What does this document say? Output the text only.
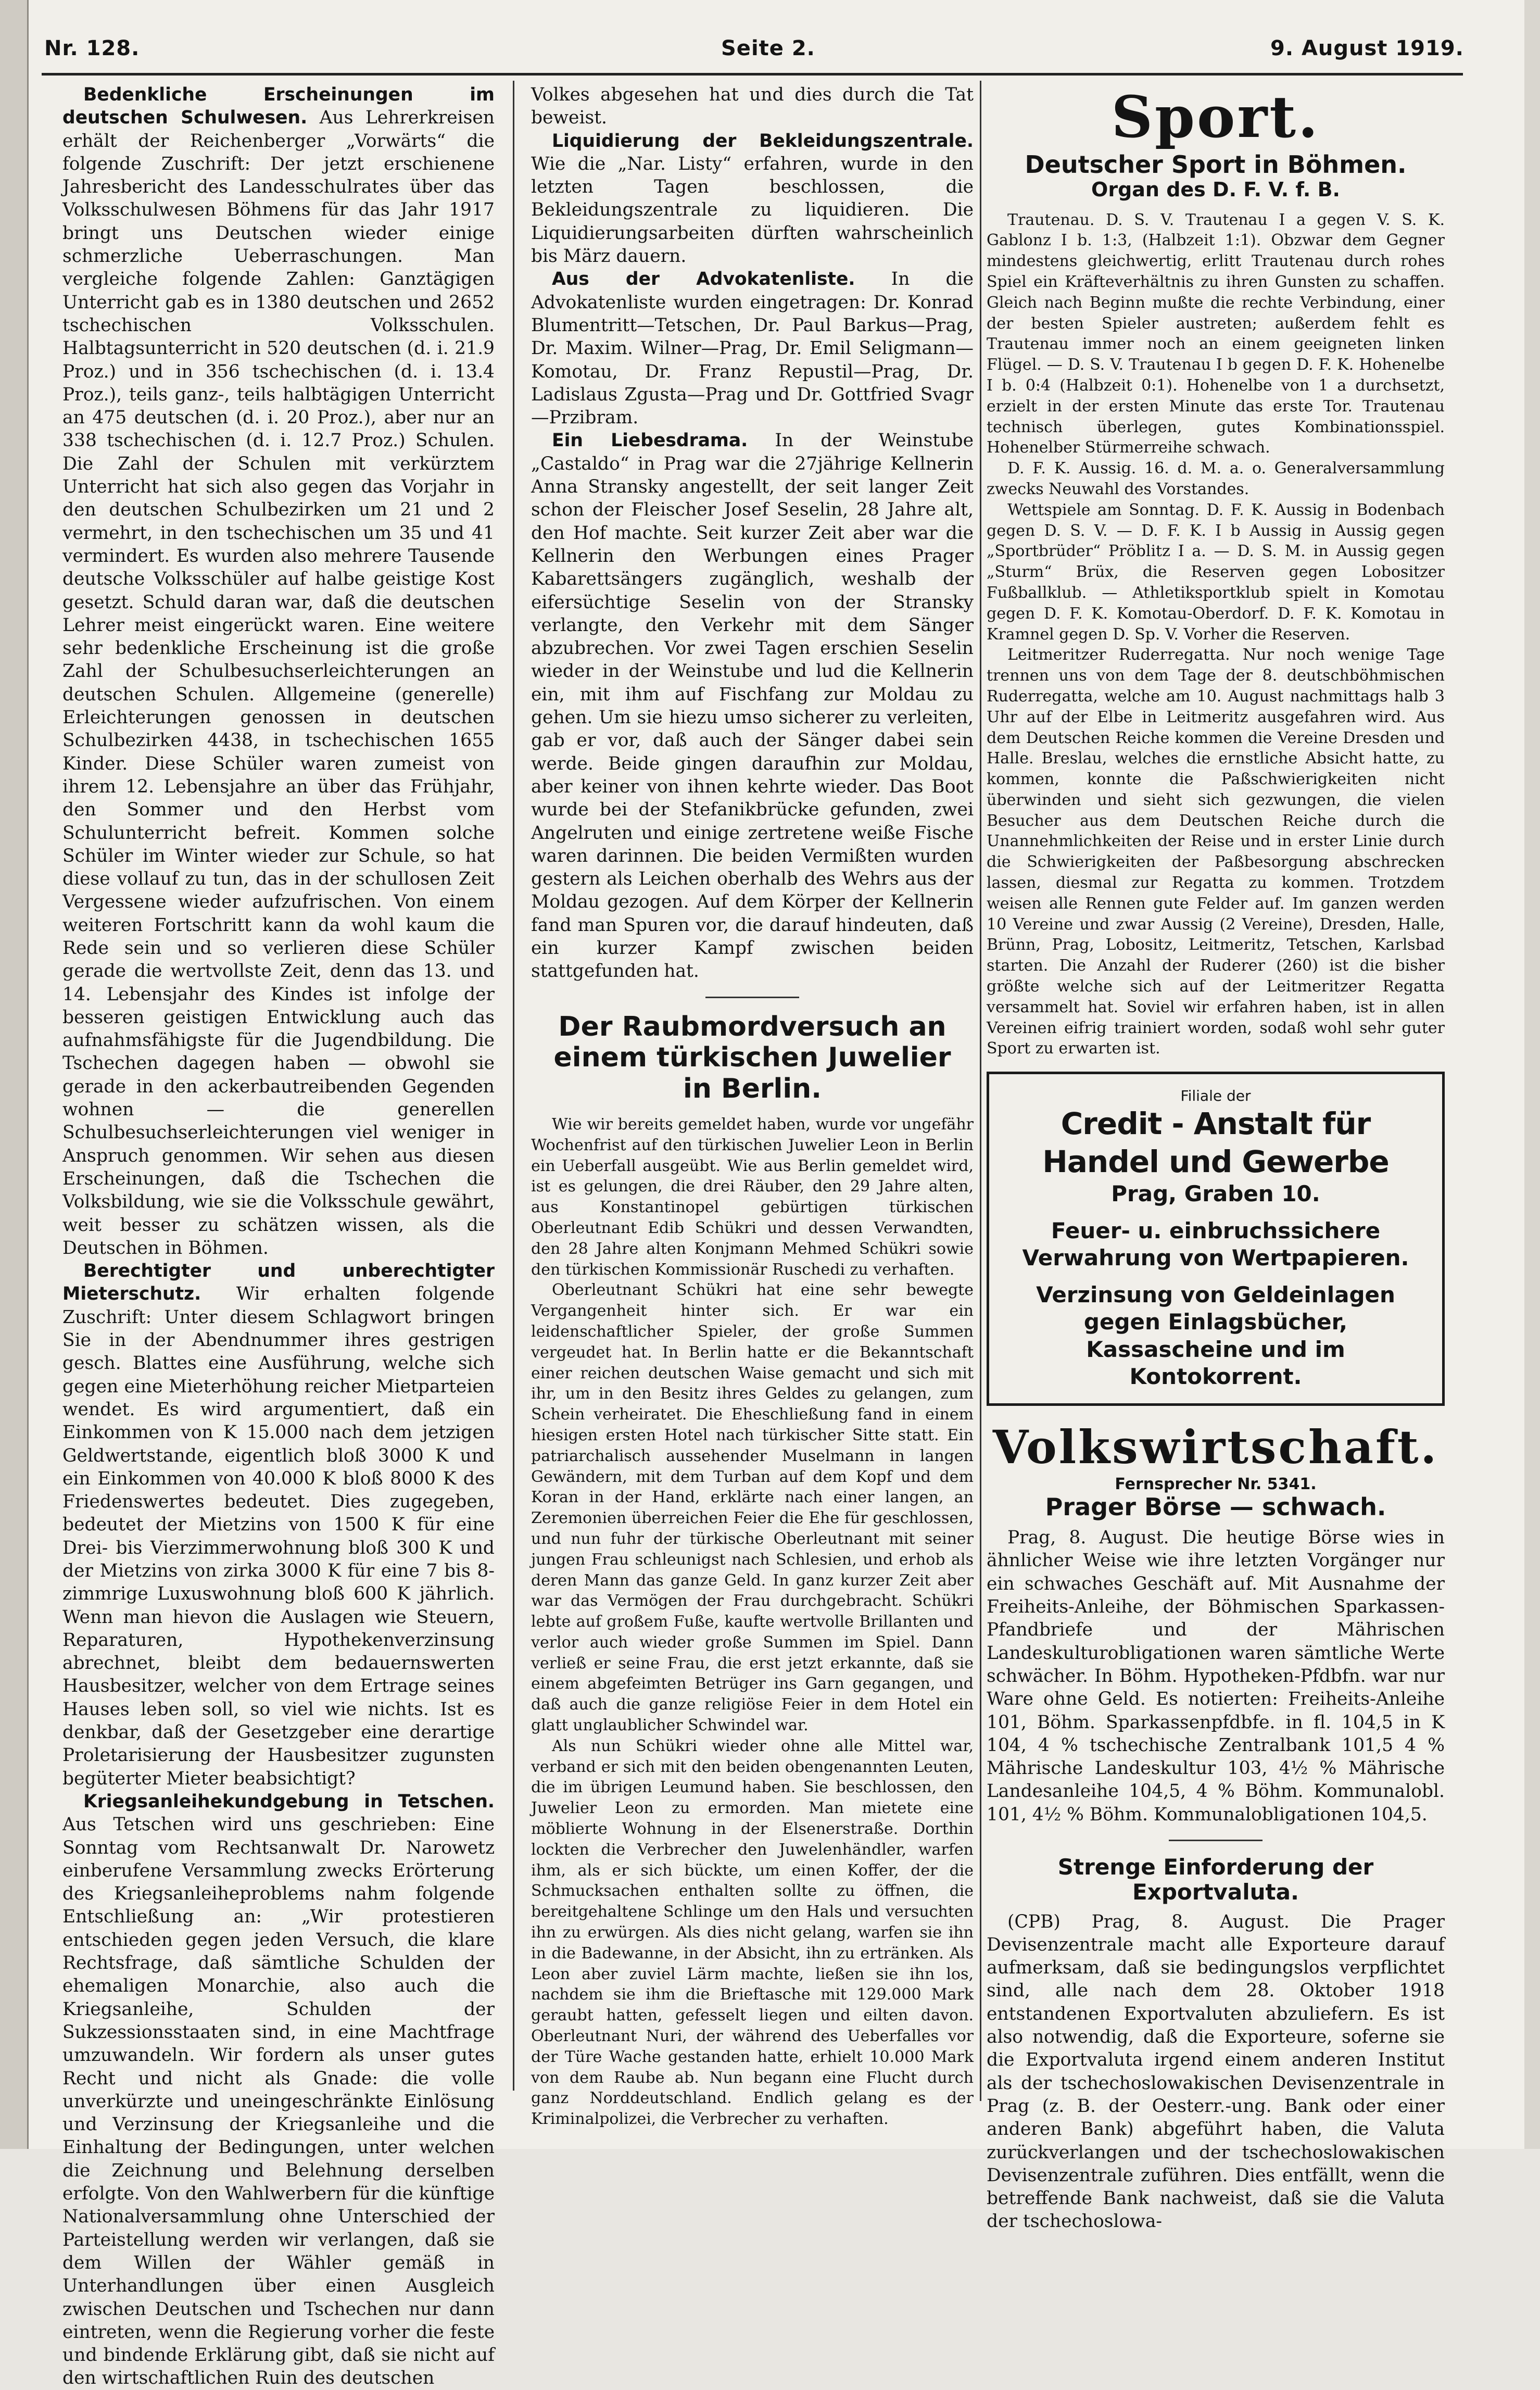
Nr. 128.	Seite 2.	9. August 1919.

Bedenkliche Erscheinungen im deutschen Schulwesen. Aus Lehrerkreisen erhält der Reichenberger „Vorwärts“ die folgende Zuschrift: Der jetzt erschienene Jahresbericht des Landesschulrates über das Volksschulwesen Böhmens für das Jahr 1917 bringt uns Deutschen wieder einige schmerzliche Ueberraschungen. Man vergleiche folgende Zahlen: Ganztägigen Unterricht gab es in 1380 deutschen und 2652 tschechischen Volksschulen. Halbtagsunterricht in 520 deutschen (d. i. 21.9 Proz.) und in 356 tschechischen (d. i. 13.4 Proz.), teils ganz-, teils halbtägigen Unterricht an 475 deutschen (d. i. 20 Proz.), aber nur an 338 tschechischen (d. i. 12.7 Proz.) Schulen. Die Zahl der Schulen mit verkürztem Unterricht hat sich also gegen das Vorjahr in den deutschen Schulbezirken um 21 und 2 vermehrt, in den tschechischen um 35 und 41 vermindert. Es wurden also mehrere Tausende deutsche Volksschüler auf halbe geistige Kost gesetzt. Schuld daran war, daß die deutschen Lehrer meist eingerückt waren. Eine weitere sehr bedenkliche Erscheinung ist die große Zahl der Schulbesuchserleichterungen an deutschen Schulen. Allgemeine (generelle) Erleichterungen genossen in deutschen Schulbezirken 4438, in tschechischen 1655 Kinder. Diese Schüler waren zumeist von ihrem 12. Lebensjahre an über das Frühjahr, den Sommer und den Herbst vom Schulunterricht befreit. Kommen solche Schüler im Winter wieder zur Schule, so hat diese vollauf zu tun, das in der schullosen Zeit Vergessene wieder aufzufrischen. Von einem weiteren Fortschritt kann da wohl kaum die Rede sein und so verlieren diese Schüler gerade die wertvollste Zeit, denn das 13. und 14. Lebensjahr des Kindes ist infolge der besseren geistigen Entwicklung auch das aufnahmsfähigste für die Jugendbildung. Die Tschechen dagegen haben — obwohl sie gerade in den ackerbautreibenden Gegenden wohnen — die generellen Schulbesuchserleichterungen viel weniger in Anspruch genommen. Wir sehen aus diesen Erscheinungen, daß die Tschechen die Volksbildung, wie sie die Volksschule gewährt, weit besser zu schätzen wissen, als die Deutschen in Böhmen.

Berechtigter und unberechtigter Mieterschutz. Wir erhalten folgende Zuschrift: Unter diesem Schlagwort bringen Sie in der Abendnummer ihres gestrigen gesch. Blattes eine Ausführung, welche sich gegen eine Mieterhöhung reicher Mietparteien wendet. Es wird argumentiert, daß ein Einkommen von K 15.000 nach dem jetzigen Geldwertstande, eigentlich bloß 3000 K und ein Einkommen von 40.000 K bloß 8000 K des Friedenswertes bedeutet. Dies zugegeben, bedeutet der Mietzins von 1500 K für eine Drei- bis Vierzimmerwohnung bloß 300 K und der Mietzins von zirka 3000 K für eine 7 bis 8-zimmrige Luxuswohnung bloß 600 K jährlich. Wenn man hievon die Auslagen wie Steuern, Reparaturen, Hypothekenverzinsung abrechnet, bleibt dem bedauernswerten Hausbesitzer, welcher von dem Ertrage seines Hauses leben soll, so viel wie nichts. Ist es denkbar, daß der Gesetzgeber eine derartige Proletarisierung der Hausbesitzer zugunsten begüterter Mieter beabsichtigt?

Kriegsanleihekundgebung in Tetschen. Aus Tetschen wird uns geschrieben: Eine Sonntag vom Rechtsanwalt Dr. Narowetz einberufene Versammlung zwecks Erörterung des Kriegsanleiheproblems nahm folgende Entschließung an: „Wir protestieren entschieden gegen jeden Versuch, die klare Rechtsfrage, daß sämtliche Schulden der ehemaligen Monarchie, also auch die Kriegsanleihe, Schulden der Sukzessionsstaaten sind, in eine Machtfrage umzuwandeln. Wir fordern als unser gutes Recht und nicht als Gnade: die volle unverkürzte und uneingeschränkte Einlösung und Verzinsung der Kriegsanleihe und die Einhaltung der Bedingungen, unter welchen die Zeichnung und Belehnung derselben erfolgte. Von den Wahlwerbern für die künftige Nationalversammlung ohne Unterschied der Parteistellung werden wir verlangen, daß sie dem Willen der Wähler gemäß in Unterhandlungen über einen Ausgleich zwischen Deutschen und Tschechen nur dann eintreten, wenn die Regierung vorher die feste und bindende Erklärung gibt, daß sie nicht auf den wirtschaftlichen Ruin des deutschen

Volkes abgesehen hat und dies durch die Tat beweist.

Liquidierung der Bekleidungszentrale. Wie die „Nar. Listy“ erfahren, wurde in den letzten Tagen beschlossen, die Bekleidungszentrale zu liquidieren. Die Liquidierungsarbeiten dürften wahrscheinlich bis März dauern.

Aus der Advokatenliste. In die Advokatenliste wurden eingetragen: Dr. Konrad Blumentritt—Tetschen, Dr. Paul Barkus—Prag, Dr. Maxim. Wilner—Prag, Dr. Emil Seligmann—Komotau, Dr. Franz Repustil—Prag, Dr. Ladislaus Zgusta—Prag und Dr. Gottfried Svagr—Przibram.

Ein Liebesdrama. In der Weinstube „Castaldo“ in Prag war die 27jährige Kellnerin Anna Stransky angestellt, der seit langer Zeit schon der Fleischer Josef Seselin, 28 Jahre alt, den Hof machte. Seit kurzer Zeit aber war die Kellnerin den Werbungen eines Prager Kabarettsängers zugänglich, weshalb der eifersüchtige Seselin von der Stransky verlangte, den Verkehr mit dem Sänger abzubrechen. Vor zwei Tagen erschien Seselin wieder in der Weinstube und lud die Kellnerin ein, mit ihm auf Fischfang zur Moldau zu gehen. Um sie hiezu umso sicherer zu verleiten, gab er vor, daß auch der Sänger dabei sein werde. Beide gingen daraufhin zur Moldau, aber keiner von ihnen kehrte wieder. Das Boot wurde bei der Stefanikbrücke gefunden, zwei Angelruten und einige zertretene weiße Fische waren darinnen. Die beiden Vermißten wurden gestern als Leichen oberhalb des Wehrs aus der Moldau gezogen. Auf dem Körper der Kellnerin fand man Spuren vor, die darauf hindeuten, daß ein kurzer Kampf zwischen beiden stattgefunden hat.

Der Raubmordversuch an einem türkischen Juwelier in Berlin.

Wie wir bereits gemeldet haben, wurde vor ungefähr Wochenfrist auf den türkischen Juwelier Leon in Berlin ein Ueberfall ausgeübt. Wie aus Berlin gemeldet wird, ist es gelungen, die drei Räuber, den 29 Jahre alten, aus Konstantinopel gebürtigen türkischen Oberleutnant Edib Schükri und dessen Verwandten, den 28 Jahre alten Konjmann Mehmed Schükri sowie den türkischen Kommissionär Ruschedi zu verhaften.

Oberleutnant Schükri hat eine sehr bewegte Vergangenheit hinter sich. Er war ein leidenschaftlicher Spieler, der große Summen vergeudet hat. In Berlin hatte er die Bekanntschaft einer reichen deutschen Waise gemacht und sich mit ihr, um in den Besitz ihres Geldes zu gelangen, zum Schein verheiratet. Die Eheschließung fand in einem hiesigen ersten Hotel nach türkischer Sitte statt. Ein patriarchalisch aussehender Muselmann in langen Gewändern, mit dem Turban auf dem Kopf und dem Koran in der Hand, erklärte nach einer langen, an Zeremonien überreichen Feier die Ehe für geschlossen, und nun fuhr der türkische Oberleutnant mit seiner jungen Frau schleunigst nach Schlesien, und erhob als deren Mann das ganze Geld. In ganz kurzer Zeit aber war das Vermögen der Frau durchgebracht. Schükri lebte auf großem Fuße, kaufte wertvolle Brillanten und verlor auch wieder große Summen im Spiel. Dann verließ er seine Frau, die erst jetzt erkannte, daß sie einem abgefeimten Betrüger ins Garn gegangen, und daß auch die ganze religiöse Feier in dem Hotel ein glatt unglaublicher Schwindel war.

Als nun Schükri wieder ohne alle Mittel war, verband er sich mit den beiden obengenannten Leuten, die im übrigen Leumund haben. Sie beschlossen, den Juwelier Leon zu ermorden. Man mietete eine möblierte Wohnung in der Elsenerstraße. Dorthin lockten die Verbrecher den Juwelenhändler, warfen ihm, als er sich bückte, um einen Koffer, der die Schmucksachen enthalten sollte zu öffnen, die bereitgehaltene Schlinge um den Hals und versuchten ihn zu erwürgen. Als dies nicht gelang, warfen sie ihn in die Badewanne, in der Absicht, ihn zu ertränken. Als Leon aber zuviel Lärm machte, ließen sie ihn los, nachdem sie ihm die Brieftasche mit 129.000 Mark geraubt hatten, gefesselt liegen und eilten davon. Oberleutnant Nuri, der während des Ueberfalles vor der Türe Wache gestanden hatte, erhielt 10.000 Mark von dem Raube ab. Nun begann eine Flucht durch ganz Norddeutschland. Endlich gelang es der Kriminalpolizei, die Verbrecher zu verhaften.

Sport.
Deutscher Sport in Böhmen.
Organ des D. F. V. f. B.

Trautenau. D. S. V. Trautenau I a gegen V. S. K. Gablonz I b. 1:3, (Halbzeit 1:1). Obzwar dem Gegner mindestens gleichwertig, erlitt Trautenau durch rohes Spiel ein Kräfteverhältnis zu ihren Gunsten zu schaffen. Gleich nach Beginn mußte die rechte Verbindung, einer der besten Spieler austreten; außerdem fehlt es Trautenau immer noch an einem geeigneten linken Flügel. — D. S. V. Trautenau I b gegen D. F. K. Hohenelbe I b. 0:4 (Halbzeit 0:1). Hohenelbe von 1 a durchsetzt, erzielt in der ersten Minute das erste Tor. Trautenau technisch überlegen, gutes Kombinationsspiel. Hohenelber Stürmerreihe schwach.

D. F. K. Aussig. 16. d. M. a. o. Generalversammlung zwecks Neuwahl des Vorstandes.

Wettspiele am Sonntag. D. F. K. Aussig in Bodenbach gegen D. S. V. — D. F. K. I b Aussig in Aussig gegen „Sportbrüder“ Pröblitz I a. — D. S. M. in Aussig gegen „Sturm“ Brüx, die Reserven gegen Lobositzer Fußballklub. — Athletiksportklub spielt in Komotau gegen D. F. K. Komotau-Oberdorf. D. F. K. Komotau in Kramnel gegen D. Sp. V. Vorher die Reserven.

Leitmeritzer Ruderregatta. Nur noch wenige Tage trennen uns von dem Tage der 8. deutschböhmischen Ruderregatta, welche am 10. August nachmittags halb 3 Uhr auf der Elbe in Leitmeritz ausgefahren wird. Aus dem Deutschen Reiche kommen die Vereine Dresden und Halle. Breslau, welches die ernstliche Absicht hatte, zu kommen, konnte die Paßschwierigkeiten nicht überwinden und sieht sich gezwungen, die vielen Besucher aus dem Deutschen Reiche durch die Unannehmlichkeiten der Reise und in erster Linie durch die Schwierigkeiten der Paßbesorgung abschrecken lassen, diesmal zur Regatta zu kommen. Trotzdem weisen alle Rennen gute Felder auf. Im ganzen werden 10 Vereine und zwar Aussig (2 Vereine), Dresden, Halle, Brünn, Prag, Lobositz, Leitmeritz, Tetschen, Karlsbad starten. Die Anzahl der Ruderer (260) ist die bisher größte welche sich auf der Leitmeritzer Regatta versammelt hat. Soviel wir erfahren haben, ist in allen Vereinen eifrig trainiert worden, sodaß wohl sehr guter Sport zu erwarten ist.

Filiale der
Credit - Anstalt für Handel und Gewerbe
Prag, Graben 10.
Feuer- u. einbruchssichere Verwahrung von Wertpapieren.
Verzinsung von Geldeinlagen gegen Einlagsbücher, Kassascheine und im Kontokorrent.
Volkswirtschaft.
Fernsprecher Nr. 5341.
Prager Börse — schwach.

Prag, 8. August. Die heutige Börse wies in ähnlicher Weise wie ihre letzten Vorgänger nur ein schwaches Geschäft auf. Mit Ausnahme der Freiheits-Anleihe, der Böhmischen Sparkassen-Pfandbriefe und der Mährischen Landeskulturobligationen waren sämtliche Werte schwächer. In Böhm. Hypotheken-Pfdbfn. war nur Ware ohne Geld. Es notierten: Freiheits-Anleihe 101, Böhm. Sparkassenpfdbfe. in fl. 104,5 in K 104, 4 % tschechische Zentralbank 101,5 4 % Mährische Landeskultur 103, 4½ % Mährische Landesanleihe 104,5, 4 % Böhm. Kommunalobl. 101, 4½ % Böhm. Kommunalobligationen 104,5.

Strenge Einforderung der Exportvaluta.

(CPB) Prag, 8. August. Die Prager Devisenzentrale macht alle Exporteure darauf aufmerksam, daß sie bedingungslos verpflichtet sind, alle nach dem 28. Oktober 1918 entstandenen Exportvaluten abzuliefern. Es ist also notwendig, daß die Exporteure, soferne sie die Exportvaluta irgend einem anderen Institut als der tschechoslowakischen Devisenzentrale in Prag (z. B. der Oesterr.-ung. Bank oder einer anderen Bank) abgeführt haben, die Valuta zurückverlangen und der tschechoslowakischen Devisenzentrale zuführen. Dies entfällt, wenn die betreffende Bank nachweist, daß sie die Valuta der tschechoslowa-
